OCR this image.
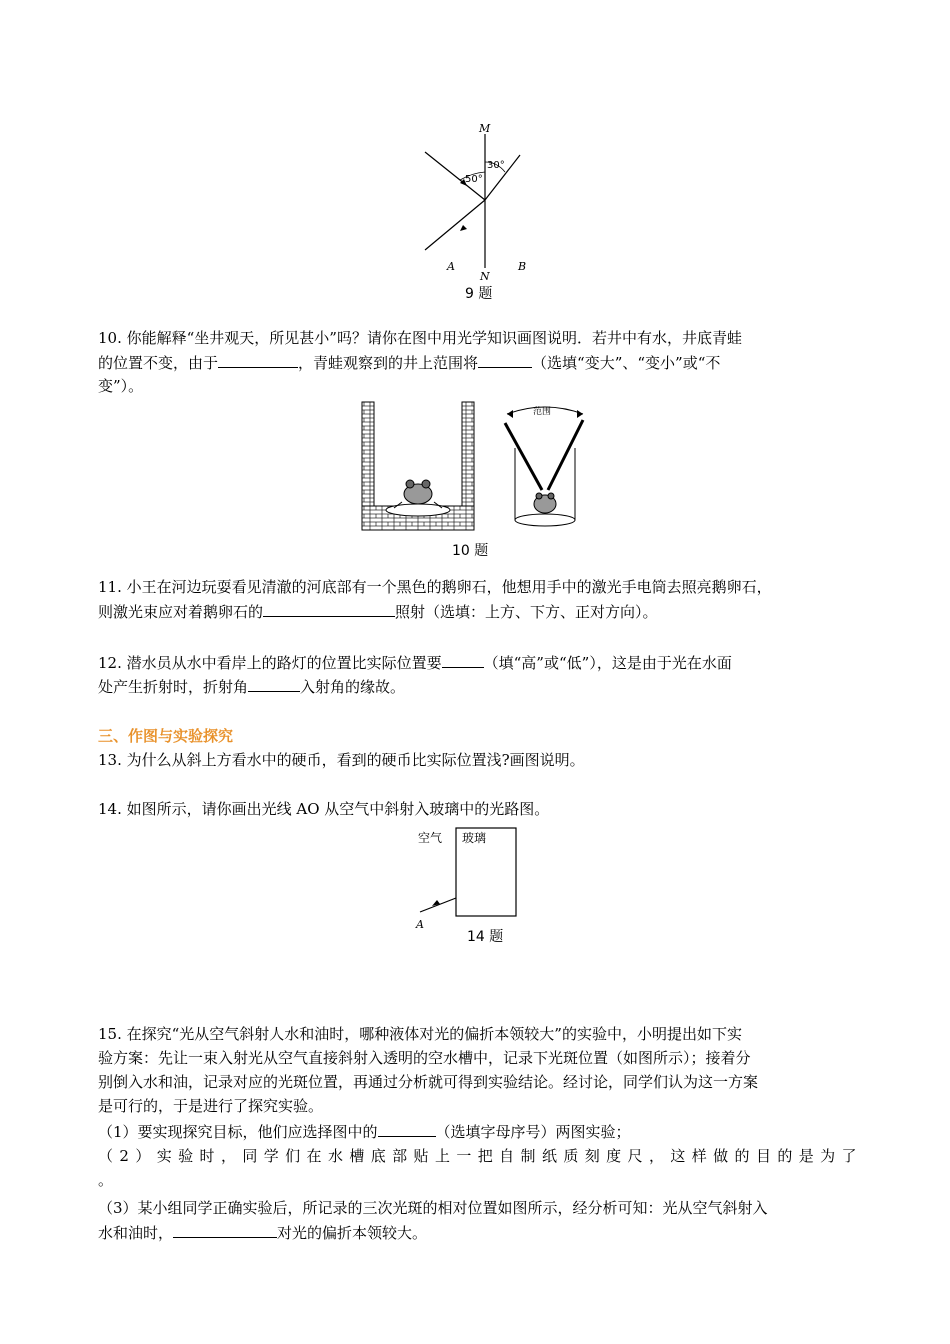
M
N
A	B
50°
30°
9 题
10. 你能解释“坐井观天，所见甚小”吗？请你在图中用光学知识画图说明．若井中有水，井底青蛙
的位置不变，由于	，青蛙观察到的井上范围将	（选填“变大”、“变小”或“不
变”）。
范围
10 题
11. 小王在河边玩耍看见清澈的河底部有一个黑色的鹅卵石，他想用手中的激光手电筒去照亮鹅卵石，
则激光束应对着鹅卵石的	照射（选填：上方、下方、正对方向）。
12. 潜水员从水中看岸上的路灯的位置比实际位置要	（填“高”或“低”），这是由于光在水面
处产生折射时，折射角	入射角的缘故。
三、作图与实验探究
13. 为什么从斜上方看水中的硬币，看到的硬币比实际位置浅?画图说明。
14. 如图所示，请你画出光线 AO 从空气中斜射入玻璃中的光路图。
空气 玻璃
A
14 题
15. 在探究“光从空气斜射人水和油时，哪种液体对光的偏折本领较大”的实验中，小明提出如下实
验方案：先让一束入射光从空气直接斜射入透明的空水槽中，记录下光斑位置（如图所示）；接着分
别倒入水和油，记录对应的光斑位置，再通过分析就可得到实验结论。经讨论，同学们认为这一方案
是可行的，于是进行了探究实验。
（1）要实现探究目标，他们应选择图中的	（选填字母序号）两图实验；
（2）实验时，同学们在水槽底部贴上一把自制纸质刻度尺，这样做的目的是为了
。
（3）某小组同学正确实验后，所记录的三次光斑的相对位置如图所示，经分析可知：光从空气斜射入
水和油时，	对光的偏折本领较大。
